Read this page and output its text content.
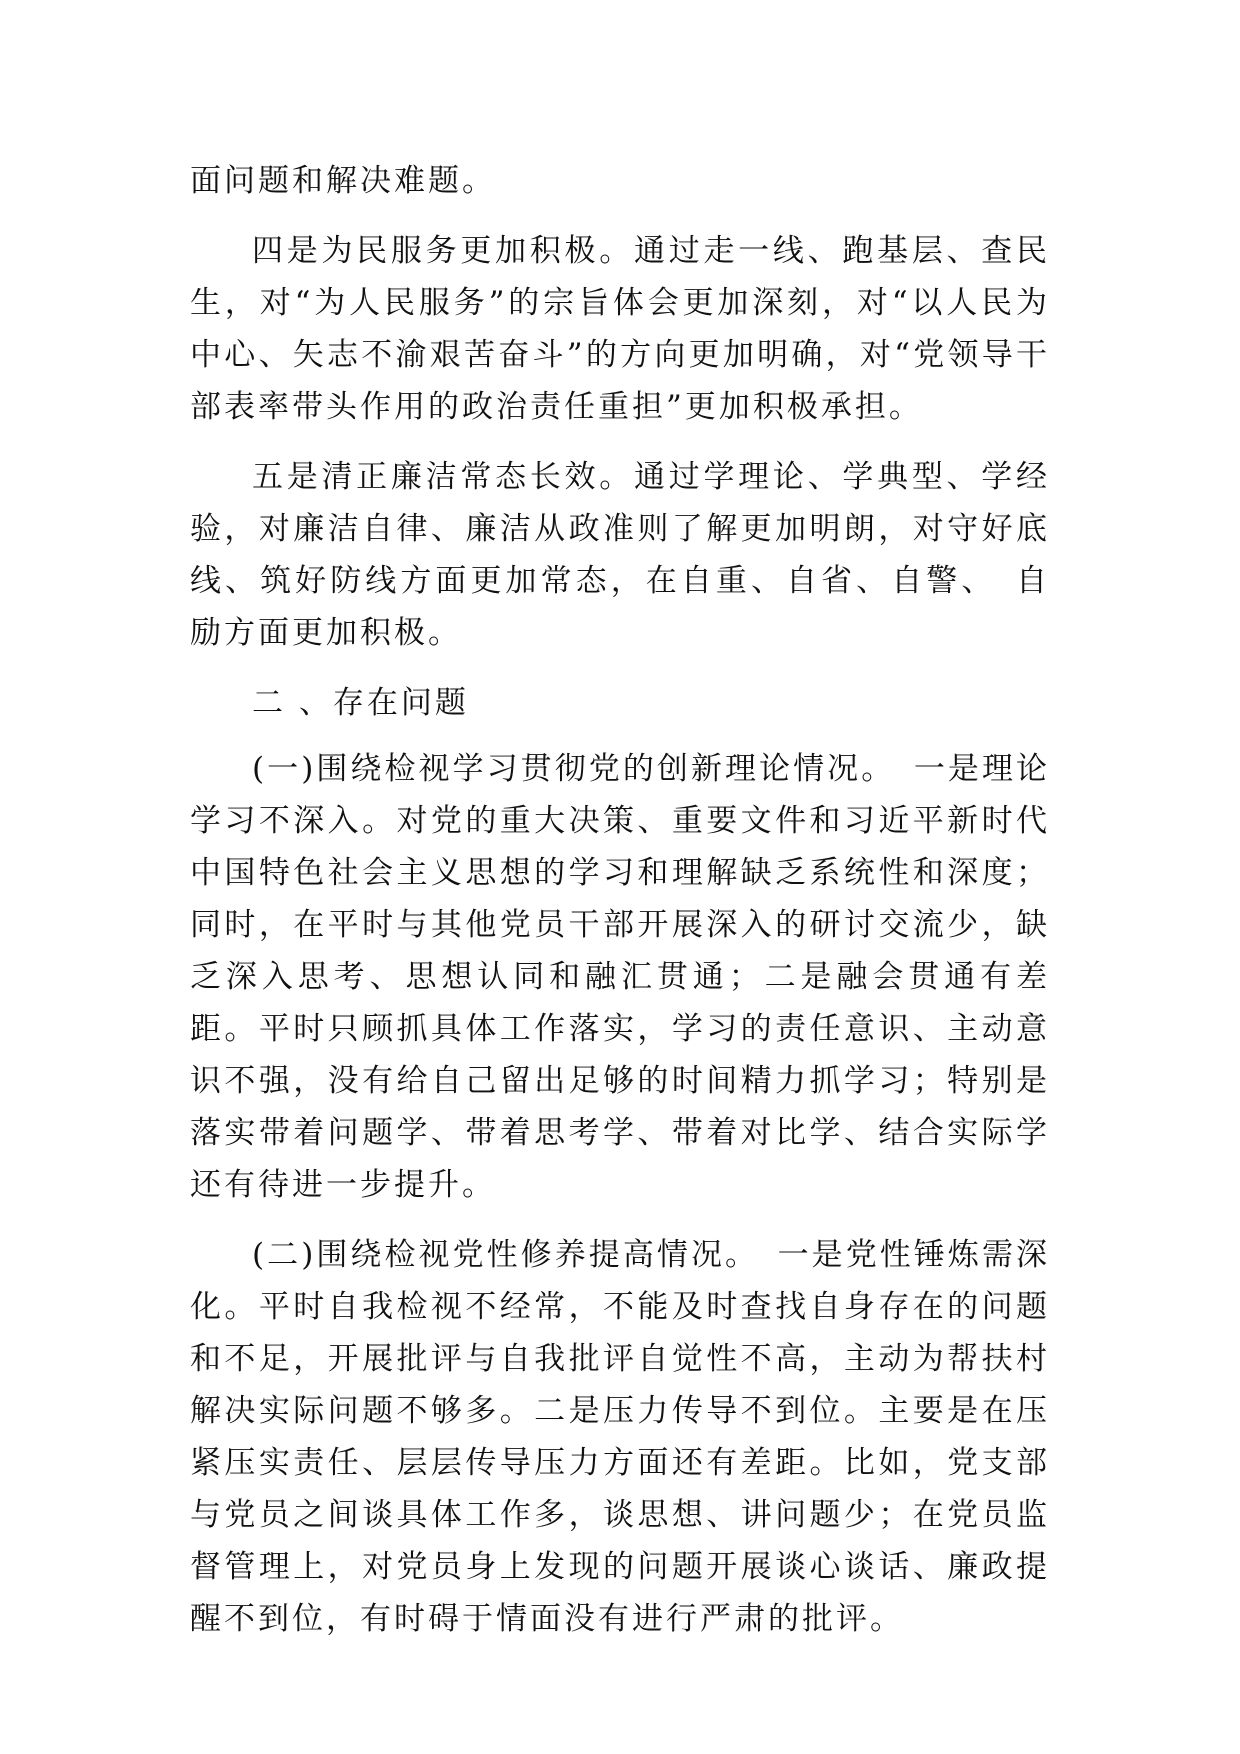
面问题和解决难题。

四是为民服务更加积极。通过走一线、跑基层、查民生，对“为人民服务”的宗旨体会更加深刻，对“以人民为中心、矢志不渝艰苦奋斗”的方向更加明确，对“党领导干部表率带头作用的政治责任重担”更加积极承担。

五是清正廉洁常态长效。通过学理论、学典型、学经验，对廉洁自律、廉洁从政准则了解更加明朗，对守好底线、筑好防线方面更加常态，在自重、自省、自警、　自励方面更加积极。

二 、存在问题

(一)围绕检视学习贯彻党的创新理论情况。　一是理论学习不深入。对党的重大决策、重要文件和习近平新时代中国特色社会主义思想的学习和理解缺乏系统性和深度；同时，在平时与其他党员干部开展深入的研讨交流少，缺乏深入思考、思想认同和融汇贯通；二是融会贯通有差距。平时只顾抓具体工作落实，学习的责任意识、主动意识不强，没有给自己留出足够的时间精力抓学习；特别是落实带着问题学、带着思考学、带着对比学、结合实际学还有待进一步提升。

(二)围绕检视党性修养提高情况。　一是党性锤炼需深化。平时自我检视不经常，不能及时查找自身存在的问题和不足，开展批评与自我批评自觉性不高，主动为帮扶村解决实际问题不够多。二是压力传导不到位。主要是在压紧压实责任、层层传导压力方面还有差距。比如，党支部与党员之间谈具体工作多，谈思想、讲问题少；在党员监督管理上，对党员身上发现的问题开展谈心谈话、廉政提醒不到位，有时碍于情面没有进行严肃的批评。
